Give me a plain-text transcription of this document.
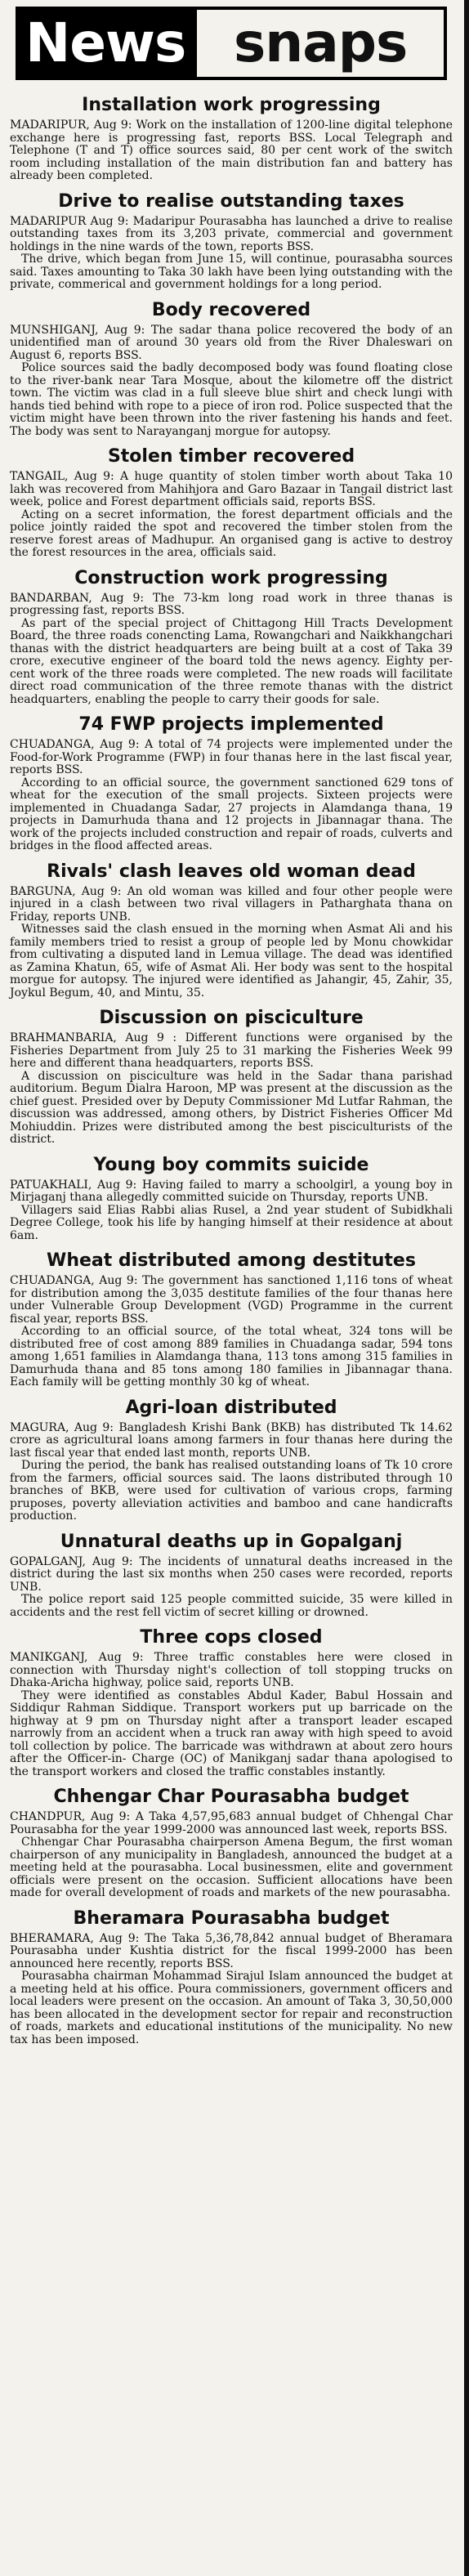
News snaps
Installation work progressing

MADARIPUR, Aug 9: Work on the installation of 1200-line digital telephone exchange here is progressing fast, reports BSS. Local Telegraph and Telephone (T and T) office sources said, 80 per cent work of the switch room including installation of the main distribution fan and battery has already been completed.

Drive to realise outstanding taxes

MADARIPUR Aug 9: Madaripur Pourasabha has launched a drive to realise outstanding taxes from its 3,203 private, commercial and government holdings in the nine wards of the town, reports BSS.

The drive, which began from June 15, will continue, pourasabha sources said. Taxes amounting to Taka 30 lakh have been lying outstanding with the private, commerical and government holdings for a long period.

Body recovered

MUNSHIGANJ, Aug 9: The sadar thana police recovered the body of an unidentified man of around 30 years old from the River Dhaleswari on August 6, reports BSS.

Police sources said the badly decomposed body was found floating close to the river-bank near Tara Mosque, about the kilometre off the district town. The victim was clad in a full sleeve blue shirt and check lungi with hands tied behind with rope to a piece of iron rod. Police suspected that the victim might have been thrown into the river fastening his hands and feet. The body was sent to Narayanganj morgue for autopsy.

Stolen timber recovered

TANGAIL, Aug 9: A huge quantity of stolen timber worth about Taka 10 lakh was recovered from Mahihjora and Garo Bazaar in Tangail district last week, police and Forest department officials said, reports BSS.

Acting on a secret information, the forest department officials and the police jointly raided the spot and recovered the timber stolen from the reserve forest areas of Madhupur. An organised gang is active to destroy the forest resources in the area, officials said.

Construction work progressing

BANDARBAN, Aug 9: The 73-km long road work in three thanas is progressing fast, reports BSS.

As part of the special project of Chittagong Hill Tracts Development Board, the three roads conencting Lama, Rowangchari and Naikkhangchari thanas with the district headquarters are being built at a cost of Taka 39 crore, executive engineer of the board told the news agency. Eighty per-cent work of the three roads were completed. The new roads will facilitate direct road communication of the three remote thanas with the district headquarters, enabling the people to carry their goods for sale.

74 FWP projects implemented

CHUADANGA, Aug 9: A total of 74 projects were implemented under the Food-for-Work Programme (FWP) in four thanas here in the last fiscal year, reports BSS.

According to an official source, the government sanctioned 629 tons of wheat for the execution of the small projects. Sixteen projects were implemented in Chuadanga Sadar, 27 projects in Alamdanga thana, 19 projects in Damurhuda thana and 12 projects in Jibannagar thana. The work of the projects included construction and repair of roads, culverts and bridges in the flood affected areas.

Rivals' clash leaves old woman dead

BARGUNA, Aug 9: An old woman was killed and four other people were injured in a clash between two rival villagers in Patharghata thana on Friday, reports UNB.

Witnesses said the clash ensued in the morning when Asmat Ali and his family members tried to resist a group of people led by Monu chowkidar from cultivating a disputed land in Lemua village. The dead was identified as Zamina Khatun, 65, wife of Asmat Ali. Her body was sent to the hospital morgue for autopsy. The injured were identified as Jahangir, 45, Zahir, 35, Joykul Begum, 40, and Mintu, 35.

Discussion on pisciculture

BRAHMANBARIA, Aug 9 : Different functions were organised by the Fisheries Department from July 25 to 31 marking the Fisheries Week 99 here and different thana headquarters, reports BSS.

A discussion on pisciculture was held in the Sadar thana parishad auditorium. Begum Dialra Haroon, MP was present at the discussion as the chief guest. Presided over by Deputy Commissioner Md Lutfar Rahman, the discussion was addressed, among others, by District Fisheries Officer Md Mohiuddin. Prizes were distributed among the best pisciculturists of the district.

Young boy commits suicide

PATUAKHALI, Aug 9: Having failed to marry a schoolgirl, a young boy in Mirjaganj thana allegedly committed suicide on Thursday, reports UNB.

Villagers said Elias Rabbi alias Rusel, a 2nd year student of Subidkhali Degree College, took his life by hanging himself at their residence at about 6am.

Wheat distributed among destitutes

CHUADANGA, Aug 9: The government has sanctioned 1,116 tons of wheat for distribution among the 3,035 destitute families of the four thanas here under Vulnerable Group Development (VGD) Programme in the current fiscal year, reports BSS.

According to an official source, of the total wheat, 324 tons will be distributed free of cost among 889 families in Chuadanga sadar, 594 tons among 1,651 families in Alamdanga thana, 113 tons among 315 families in Damurhuda thana and 85 tons among 180 families in Jibannagar thana. Each family will be getting monthly 30 kg of wheat.

Agri-loan distributed

MAGURA, Aug 9: Bangladesh Krishi Bank (BKB) has distributed Tk 14.62 crore as agricultural loans among farmers in four thanas here during the last fiscal year that ended last month, reports UNB.

During the period, the bank has realised outstanding loans of Tk 10 crore from the farmers, official sources said. The laons distributed through 10 branches of BKB, were used for cultivation of various crops, farming pruposes, poverty alleviation activities and bamboo and cane handicrafts production.

Unnatural deaths up in Gopalganj

GOPALGANJ, Aug 9: The incidents of unnatural deaths increased in the district during the last six months when 250 cases were recorded, reports UNB.

The police report said 125 people committed suicide, 35 were killed in accidents and the rest fell victim of secret killing or drowned.

Three cops closed

MANIKGANJ, Aug 9: Three traffic constables here were closed in connection with Thursday night's collection of toll stopping trucks on Dhaka-Aricha highway, police said, reports UNB.

They were identified as constables Abdul Kader, Babul Hossain and Siddiqur Rahman Siddique. Transport workers put up barricade on the highway at 9 pm on Thursday night after a transport leader escaped narrowly from an accident when a truck ran away with high speed to avoid toll collection by police. The barricade was withdrawn at about zero hours after the Officer-in- Charge (OC) of Manikganj sadar thana apologised to the transport workers and closed the traffic constables instantly.

Chhengar Char Pourasabha budget

CHANDPUR, Aug 9: A Taka 4,57,95,683 annual budget of Chhengal Char Pourasabha for the year 1999-2000 was announced last week, reports BSS.

Chhengar Char Pourasabha chairperson Amena Begum, the first woman chairperson of any municipality in Bangladesh, announced the budget at a meeting held at the pourasabha. Local businessmen, elite and government officials were present on the occasion. Sufficient allocations have been made for overall development of roads and markets of the new pourasabha.

Bheramara Pourasabha budget

BHERAMARA, Aug 9: The Taka 5,36,78,842 annual budget of Bheramara Pourasabha under Kushtia district for the fiscal 1999-2000 has been announced here recently, reports BSS.

Pourasabha chairman Mohammad Sirajul Islam announced the budget at a meeting held at his office. Poura commissioners, government officers and local leaders were present on the occasion. An amount of Taka 3, 30,50,000 has been allocated in the development sector for repair and reconstruction of roads, markets and educational institutions of the municipality. No new tax has been imposed.
